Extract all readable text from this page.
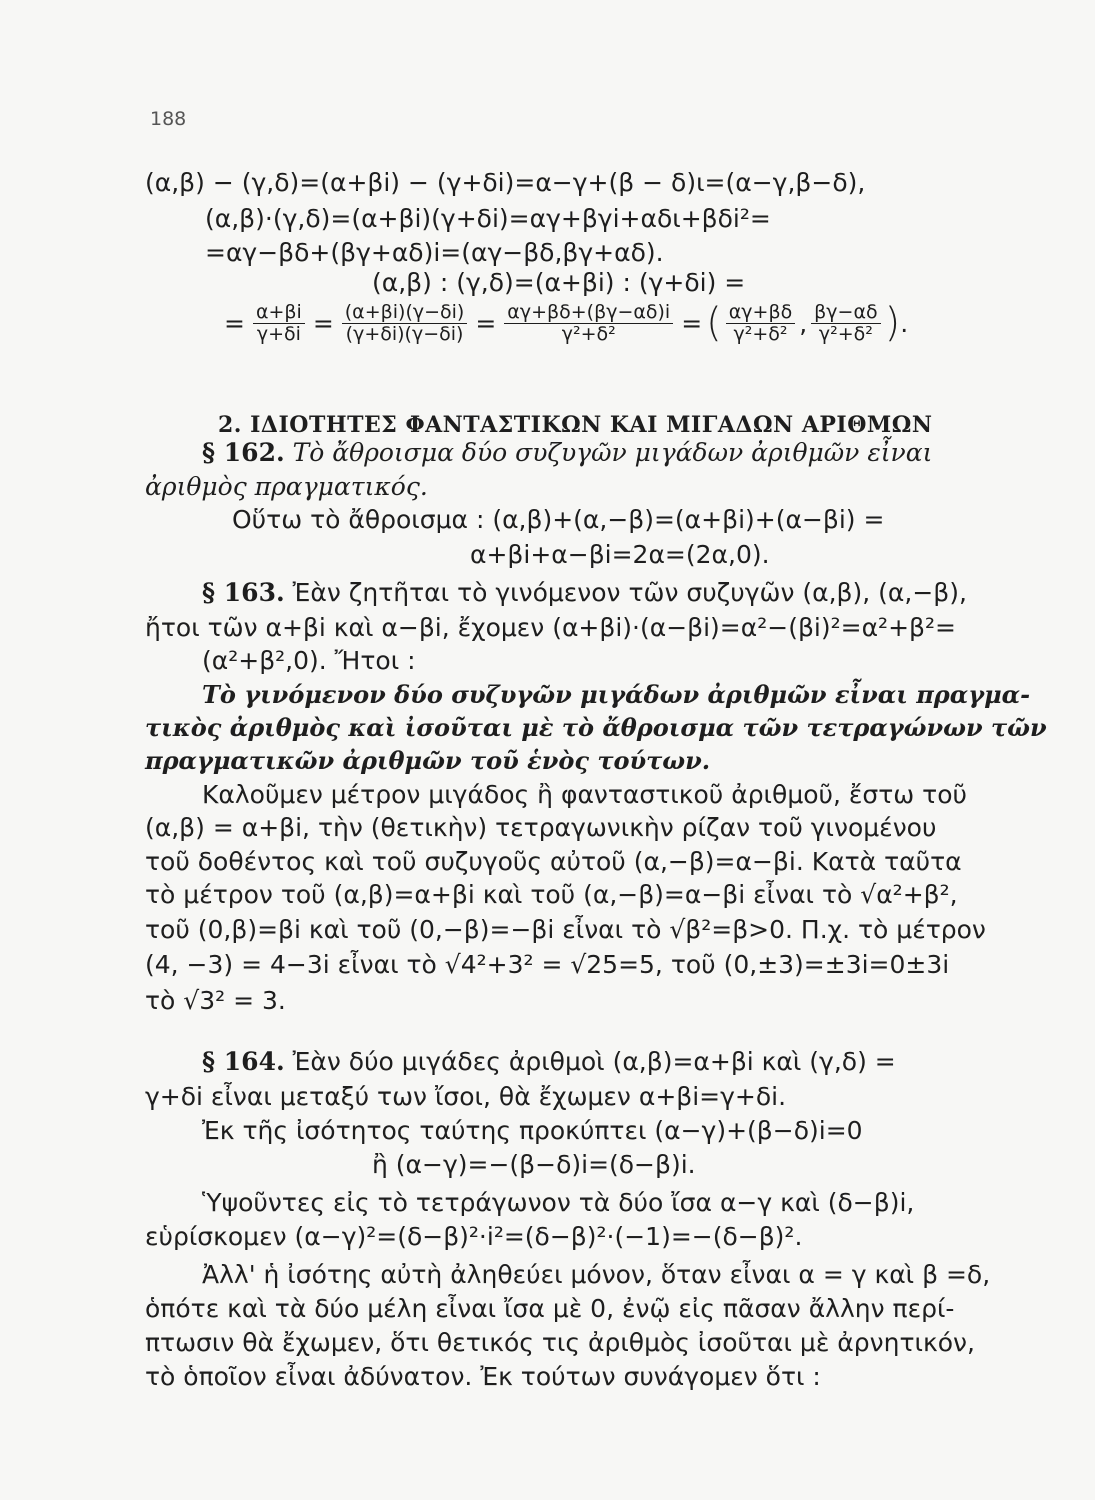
188
(α,β) − (γ,δ)=(α+βi) − (γ+δi)=α−γ+(β − δ)ι=(α−γ,β−δ),
(α,β)·(γ,δ)=(α+βi)(γ+δi)=αγ+βγi+αδι+βδi²=
=αγ−βδ+(βγ+αδ)i=(αγ−βδ,βγ+αδ).
(α,β) : (γ,δ)=(α+βi) : (γ+δi) =
= $\frac{\alpha+\beta i}{\gamma+\delta i} = \frac{(\alpha+\beta i)(\gamma-\delta i)}{(\gamma+\delta i)(\gamma-\delta i)} = \frac{\alpha\gamma+\beta\delta+(\beta\gamma-\alpha\delta)i}{\text{γ²+δ²}}$ = ( $\frac{\alpha\gamma+\beta\delta}{\text{γ²+δ²}}$ , $\frac{\beta\gamma-\alpha\delta}{\text{γ²+δ²}}$ ) .
2. ΙΔΙΟΤΗΤΕΣ ΦΑΝΤΑΣΤΙΚΩΝ ΚΑΙ ΜΙΓΑΔΩΝ ΑΡΙΘΜΩΝ
§ 162. Τὸ ἄθροισμα δύο συζυγῶν μιγάδων ἀριθμῶν εἶναι
ἀριθμὸς πραγματικός.
Οὕτω τὸ ἄθροισμα : (α,β)+(α,−β)=(α+βi)+(α−βi) =
α+βi+α−βi=2α=(2α,0).
§ 163. Ἐὰν ζητῆται τὸ γινόμενον τῶν συζυγῶν (α,β), (α,−β),
ἤτοι τῶν α+βi καὶ α−βi, ἔχομεν (α+βi)·(α−βi)=α²−(βi)²=α²+β²=
(α²+β²,0). Ἤτοι :
Τὸ γινόμενον δύο συζυγῶν μιγάδων ἀριθμῶν εἶναι πραγμα-
τικὸς ἀριθμὸς καὶ ἰσοῦται μὲ τὸ ἄθροισμα τῶν τετραγώνων τῶν
πραγματικῶν ἀριθμῶν τοῦ ἑνὸς τούτων.
Καλοῦμεν μέτρον μιγάδος ἢ φανταστικοῦ ἀριθμοῦ, ἔστω τοῦ
(α,β) = α+βi, τὴν (θετικὴν) τετραγωνικὴν ρίζαν τοῦ γινομένου
τοῦ δοθέντος καὶ τοῦ συζυγοῦς αὐτοῦ (α,−β)=α−βi. Κατὰ ταῦτα
τὸ μέτρον τοῦ (α,β)=α+βi καὶ τοῦ (α,−β)=α−βi εἶναι τὸ √α²+β²,
τοῦ (0,β)=βi καὶ τοῦ (0,−β)=−βi εἶναι τὸ √β²=β>0. Π.χ. τὸ μέτρον
(4, −3) = 4−3i εἶναι τὸ √4²+3² = √25=5, τοῦ (0,±3)=±3i=0±3i
τὸ √3² = 3.
§ 164. Ἐὰν δύο μιγάδες ἀριθμοὶ (α,β)=α+βi καὶ (γ,δ) =
γ+δi εἶναι μεταξύ των ἴσοι, θὰ ἔχωμεν α+βi=γ+δi.
Ἐκ τῆς ἰσότητος ταύτης προκύπτει (α−γ)+(β−δ)i=0
ἢ (α−γ)=−(β−δ)i=(δ−β)i.
Ὑψοῦντες εἰς τὸ τετράγωνον τὰ δύο ἴσα α−γ καὶ (δ−β)i,
εὑρίσκομεν (α−γ)²=(δ−β)²·i²=(δ−β)²·(−1)=−(δ−β)².
Ἀλλ' ἡ ἰσότης αὐτὴ ἀληθεύει μόνον, ὅταν εἶναι α = γ καὶ β =δ,
ὁπότε καὶ τὰ δύο μέλη εἶναι ἴσα μὲ 0, ἐνῷ εἰς πᾶσαν ἄλλην περί-
πτωσιν θὰ ἔχωμεν, ὅτι θετικός τις ἀριθμὸς ἰσοῦται μὲ ἀρνητικόν,
τὸ ὁποῖον εἶναι ἀδύνατον. Ἐκ τούτων συνάγομεν ὅτι :
